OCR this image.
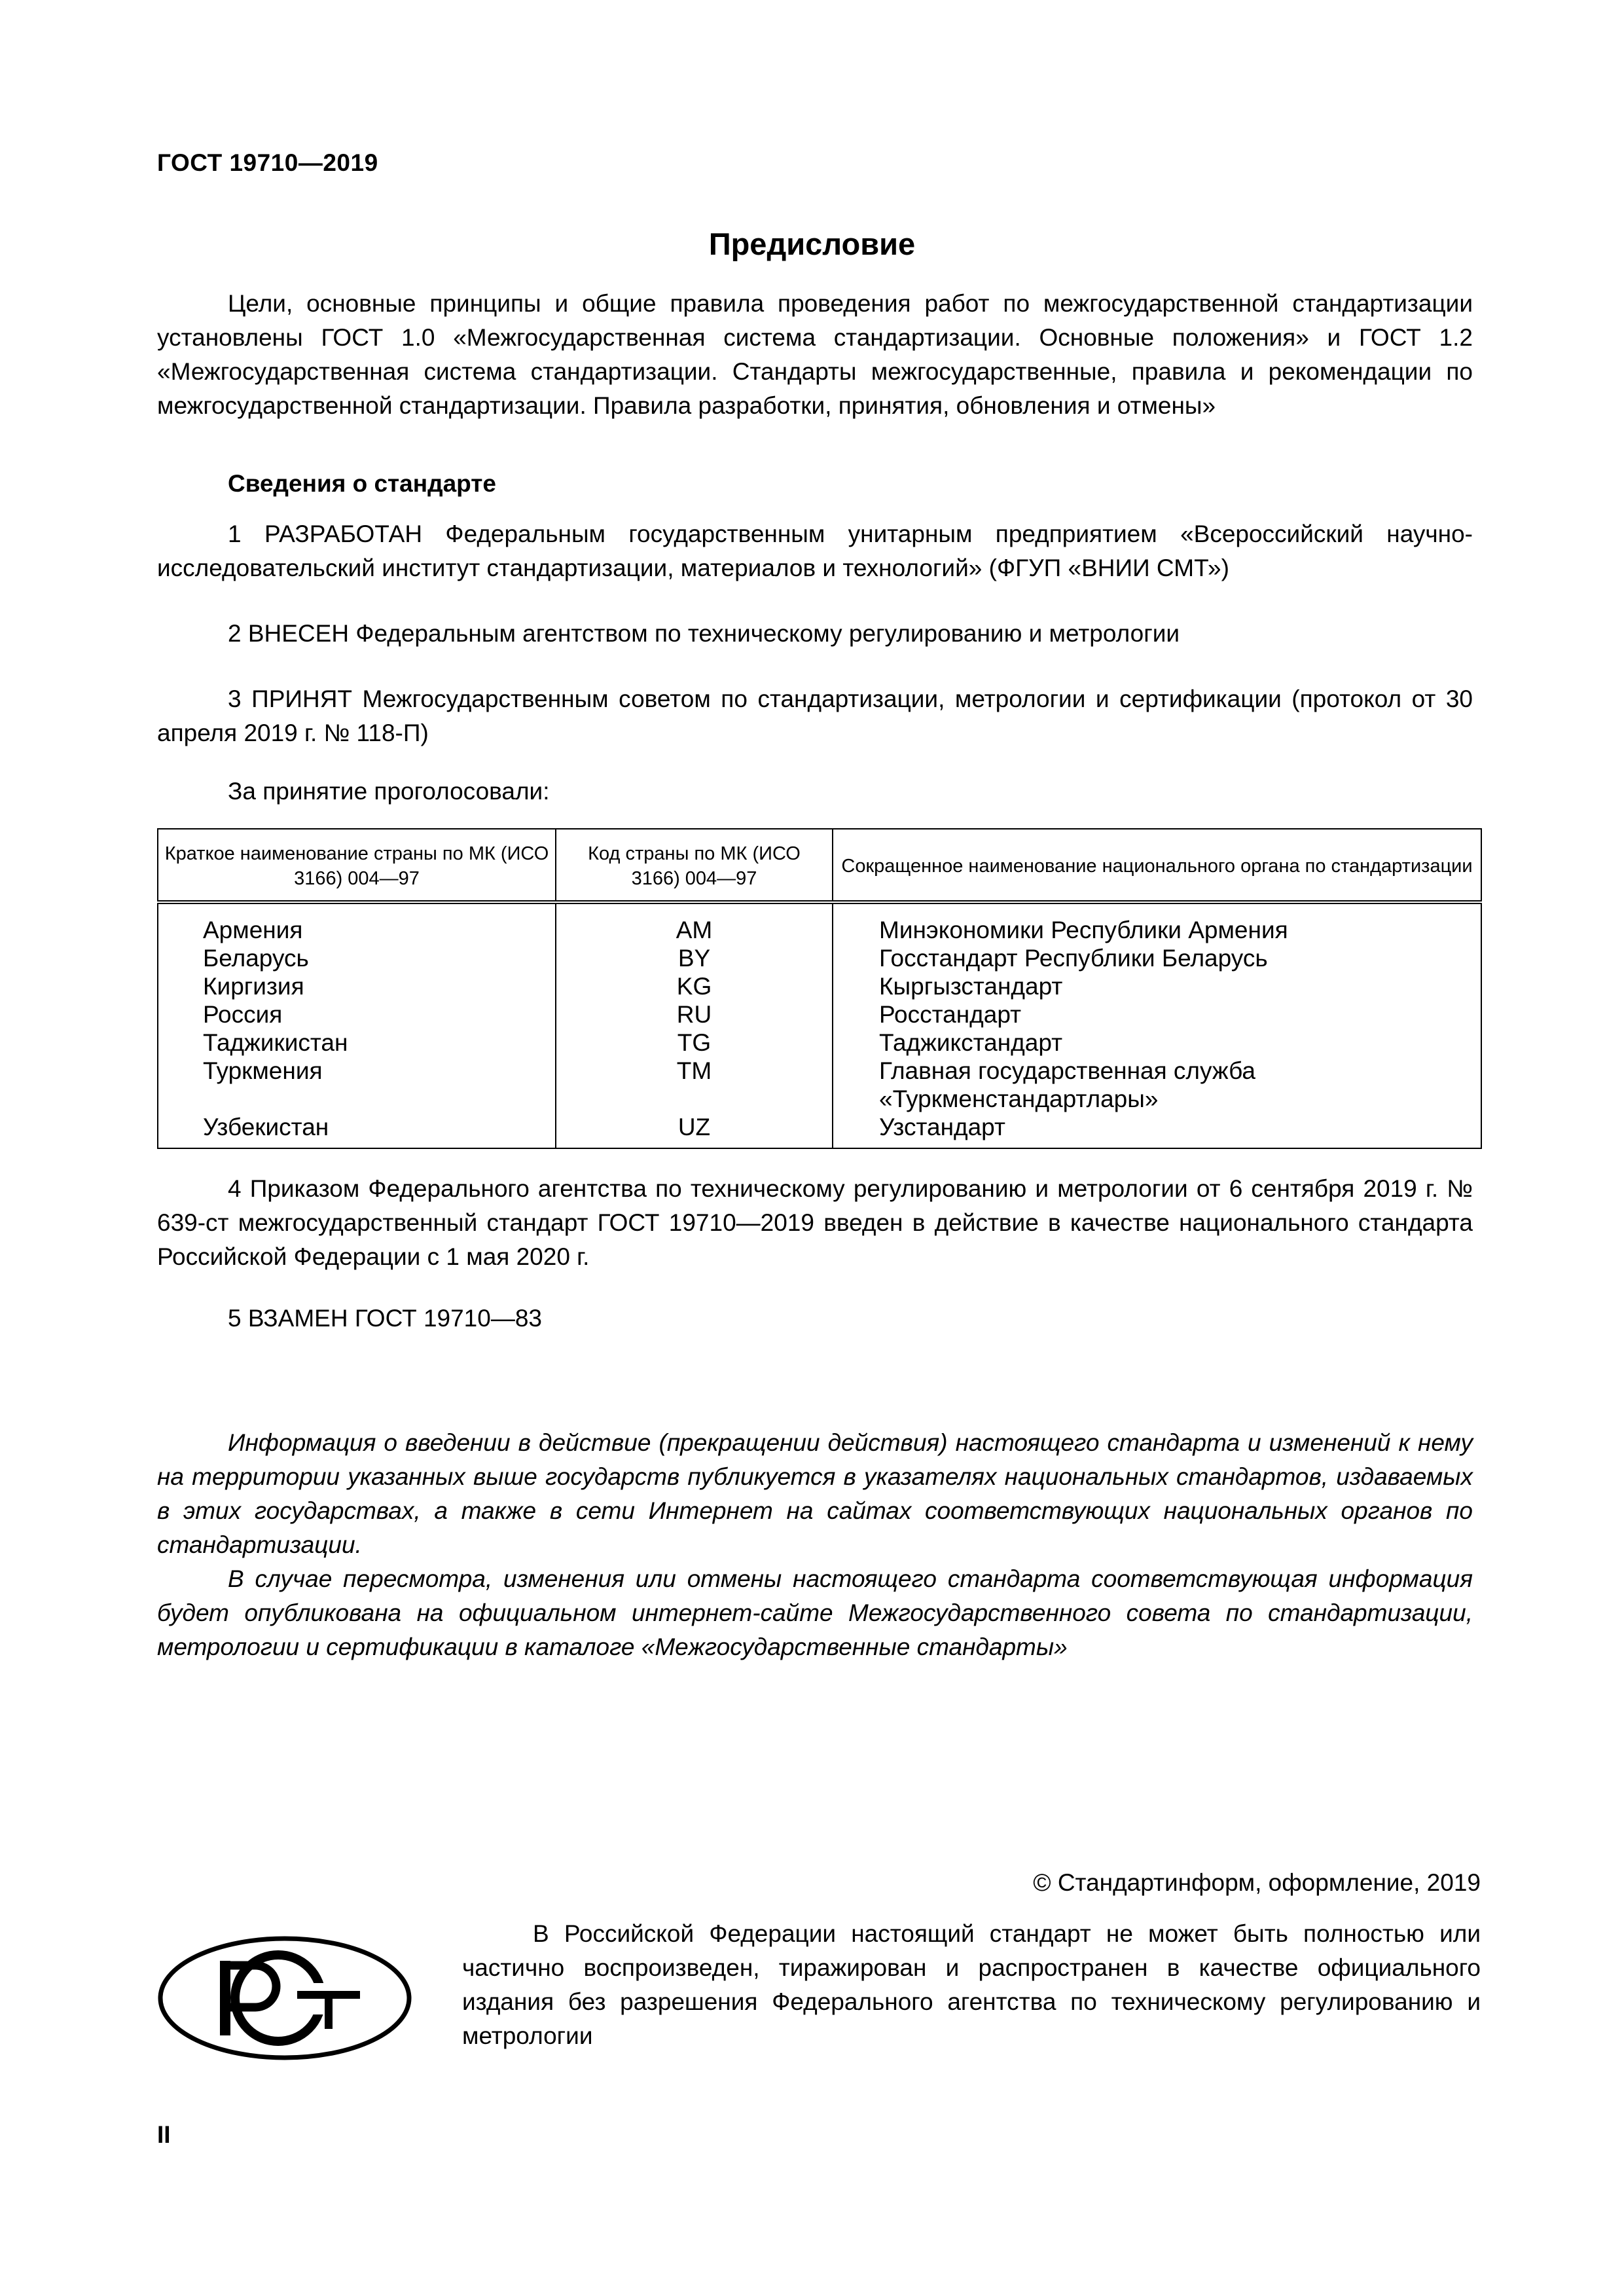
ГОСТ 19710—2019
Предисловие

Цели, основные принципы и общие правила проведения работ по межгосударственной стандартизации установлены ГОСТ 1.0 «Межгосударственная система стандартизации. Основные положения» и ГОСТ 1.2 «Межгосударственная система стандартизации. Стандарты межгосударственные, правила и рекомендации по межгосударственной стандартизации. Правила разработки, принятия, обновления и отмены»

Сведения о стандарте

1 РАЗРАБОТАН Федеральным государственным унитарным предприятием «Всероссийский научно-исследовательский институт стандартизации, материалов и технологий» (ФГУП «ВНИИ СМТ»)

2 ВНЕСЕН Федеральным агентством по техническому регулированию и метрологии

3 ПРИНЯТ Межгосударственным советом по стандартизации, метрологии и сертификации (протокол от 30 апреля 2019 г. № 118-П)

За принятие проголосовали:

Краткое наименование страны по МК (ИСО 3166) 004—97	Код страны по МК (ИСО 3166) 004—97	Сокращенное наименование национального органа по стандартизации
Армения	AM	Минэкономики Республики Армения
Беларусь	BY	Госстандарт Республики Беларусь
Киргизия	KG	Кыргызстандарт
Россия	RU	Росстандарт
Таджикистан	TG	Таджикстандарт
Туркмения	TM	Главная государственная служба «Туркменстандартлары»
Узбекистан	UZ	Узстандарт

4 Приказом Федерального агентства по техническому регулированию и метрологии от 6 сентября 2019 г. № 639-ст межгосударственный стандарт ГОСТ 19710—2019 введен в действие в качестве национального стандарта Российской Федерации с 1 мая 2020 г.

5 ВЗАМЕН ГОСТ 19710—83

Информация о введении в действие (прекращении действия) настоящего стандарта и изменений к нему на территории указанных выше государств публикуется в указателях национальных стандартов, издаваемых в этих государствах, а также в сети Интернет на сайтах соответствующих национальных органов по стандартизации.

В случае пересмотра, изменения или отмены настоящего стандарта соответствующая информация будет опубликована на официальном интернет-сайте Межгосударственного совета по стандартизации, метрологии и сертификации в каталоге «Межгосударственные стандарты»

© Стандартинформ, оформление, 2019

В Российской Федерации настоящий стандарт не может быть полностью или частично воспроизведен, тиражирован и распространен в качестве официального издания без разрешения Федерального агентства по техническому регулированию и метрологии

II
